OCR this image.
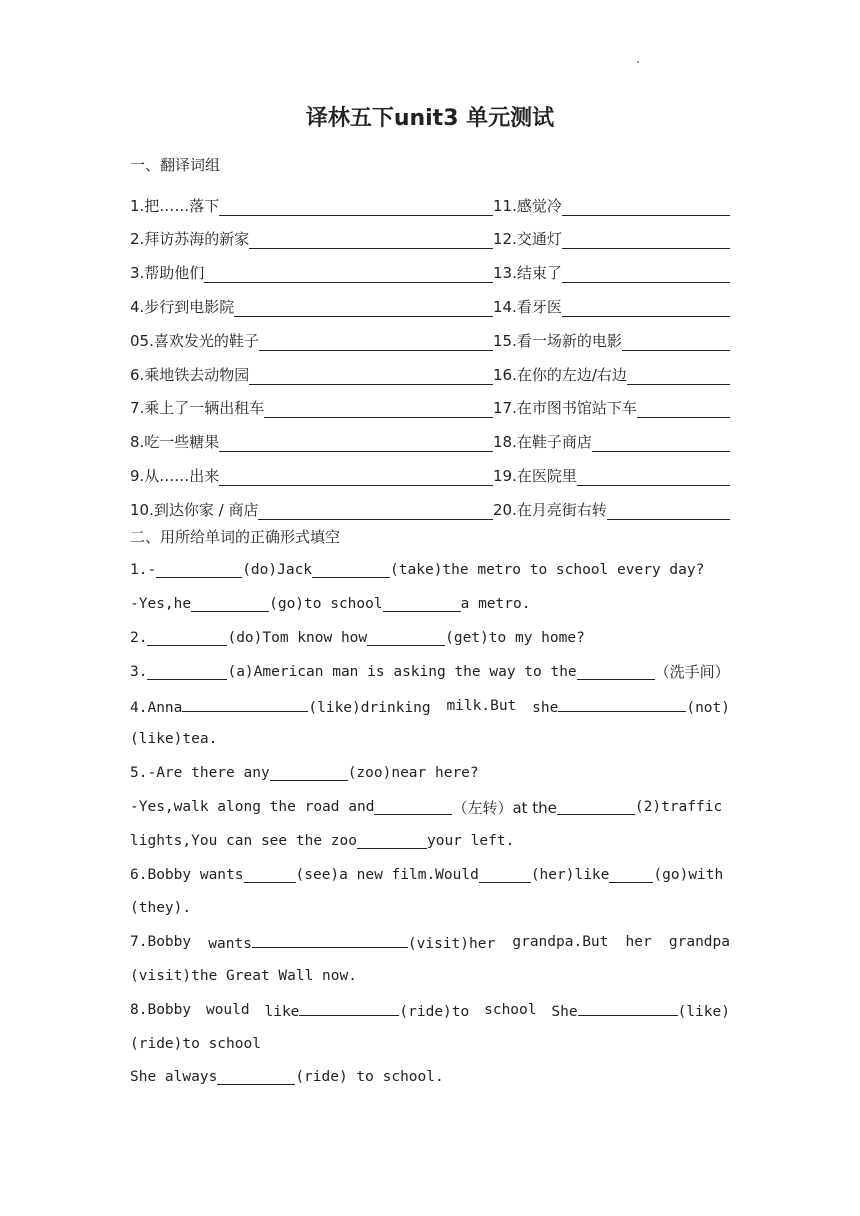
译林五下unit3 单元测试
一、翻译词组
1.把……落下	11.感觉冷
2.拜访苏海的新家	12.交通灯
3.帮助他们	13.结束了
4.步行到电影院	14.看牙医
05.喜欢发光的鞋子	15.看一场新的电影
6.乘地铁去动物园	16.在你的左边/右边
7.乘上了一辆出租车	17.在市图书馆站下车
8.吃一些糖果	18.在鞋子商店
9.从……出来	19.在医院里
10.到达你家 / 商店	20.在月亮街右转
二、用所给单词的正确形式填空
1.-	(do)Jack	(take)the metro to school every day?
-Yes,he	(go)to school	a metro.
2.	(do)Tom know how	(get)to my home?
3.	(a)American man is asking the way to the	（洗手间）
4.Anna	(like)drinking milk.But she	(not)
(like)tea.
5.-Are there any	(zoo)near here?
-Yes,walk along the road and	（左转）at the	(2)traffic
lights,You can see the zoo	your left.
6.Bobby wants	(see)a new film.Would	(her)like	(go)with
(they).
7.Bobby wants	(visit)her grandpa.But her grandpa
(visit)the Great Wall now.
8.Bobby would like	(ride)to school She	(like)
(ride)to school
She always	(ride) to school.
